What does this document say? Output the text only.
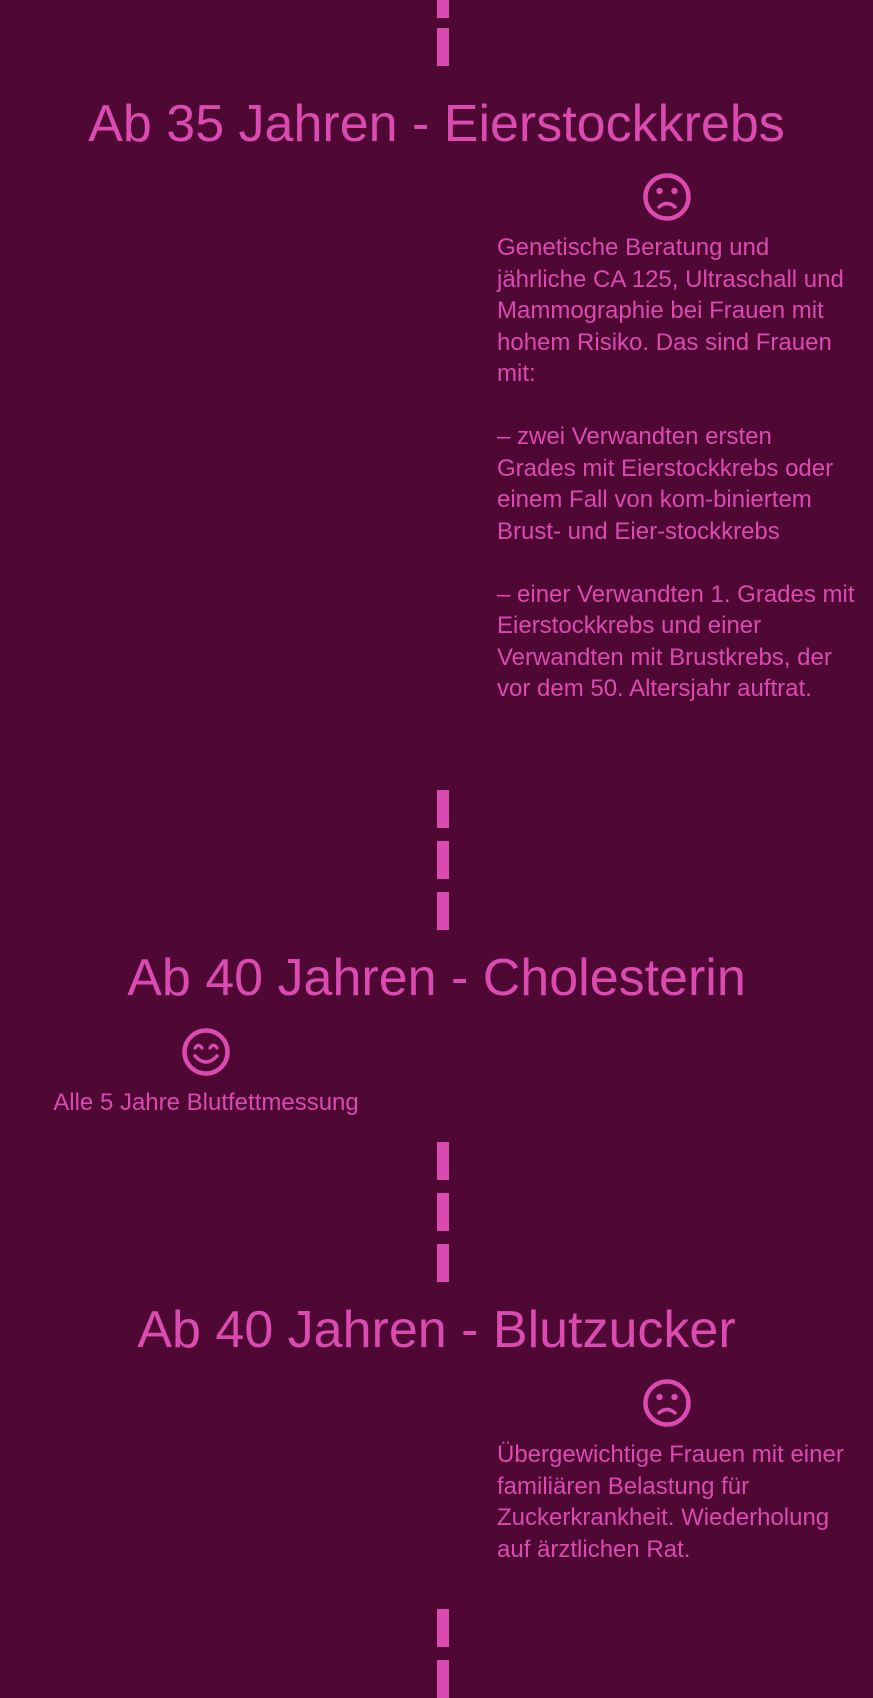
Ab 35 Jahren - Eierstockkrebs

Genetische Beratung und jährliche CA 125, Ultraschall und Mammographie bei Frauen mit hohem Risiko. Das sind Frauen mit:

– zwei Verwandten ersten Grades mit Eierstockkrebs oder einem Fall von kom-biniertem Brust- und Eier-stockkrebs

– einer Verwandten 1. Grades mit Eierstockkrebs und einer Verwandten mit Brustkrebs, der vor dem 50. Altersjahr auftrat.

Ab 40 Jahren - Cholesterin

Alle 5 Jahre Blutfettmessung

Ab 40 Jahren - Blutzucker

Übergewichtige Frauen mit einer familiären Belastung für Zuckerkrankheit. Wiederholung auf ärztlichen Rat.
